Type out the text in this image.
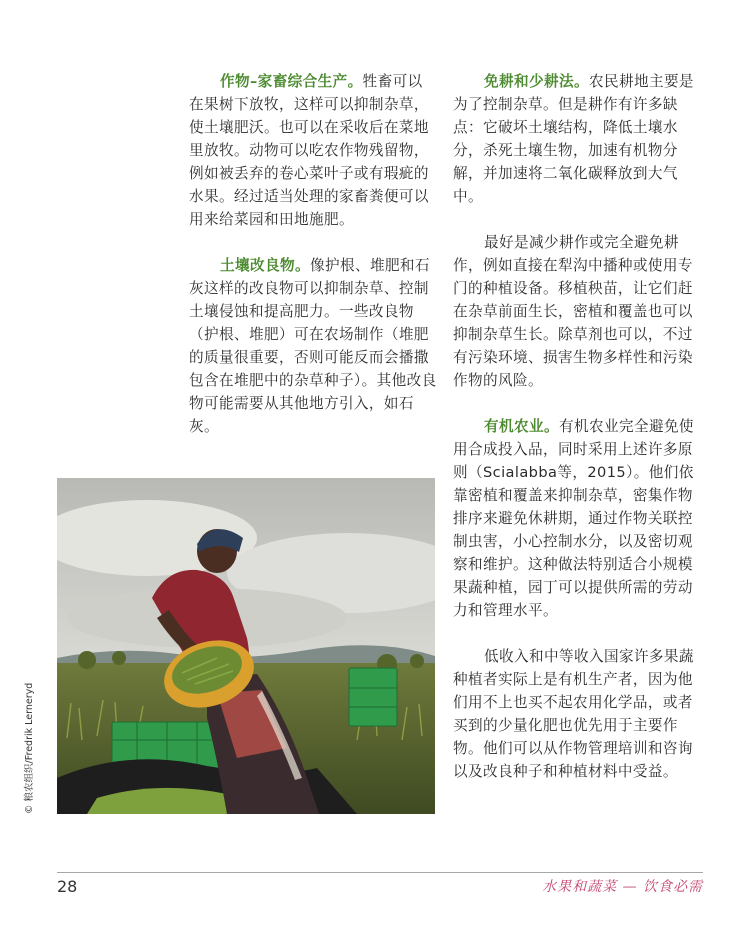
作物–家畜综合生产。牲畜可以在果树下放牧，这样可以抑制杂草，使土壤肥沃。也可以在采收后在菜地里放牧。动物可以吃农作物残留物，例如被丢弃的卷心菜叶子或有瑕疵的水果。经过适当处理的家畜粪便可以用来给菜园和田地施肥。

土壤改良物。像护根、堆肥和石灰这样的改良物可以抑制杂草、控制土壤侵蚀和提高肥力。一些改良物（护根、堆肥）可在农场制作（堆肥的质量很重要，否则可能反而会播撒包含在堆肥中的杂草种子）。其他改良物可能需要从其他地方引入，如石灰。

免耕和少耕法。农民耕地主要是为了控制杂草。但是耕作有许多缺点：它破坏土壤结构，降低土壤水分，杀死土壤生物，加速有机物分解，并加速将二氧化碳释放到大气中。

最好是减少耕作或完全避免耕作，例如直接在犁沟中播种或使用专门的种植设备。移植秧苗，让它们赶在杂草前面生长，密植和覆盖也可以抑制杂草生长。除草剂也可以，不过有污染环境、损害生物多样性和污染作物的风险。

有机农业。有机农业完全避免使用合成投入品，同时采用上述许多原则（Scialabba等，2015）。他们依靠密植和覆盖来抑制杂草，密集作物排序来避免休耕期，通过作物关联控制虫害，小心控制水分，以及密切观察和维护。这种做法特别适合小规模果蔬种植，园丁可以提供所需的劳动力和管理水平。

低收入和中等收入国家许多果蔬种植者实际上是有机生产者，因为他们用不上也买不起农用化学品，或者买到的少量化肥也优先用于主要作物。他们可以从作物管理培训和咨询以及改良种子和种植材料中受益。

© 粮农组织/Fredrik Lerneryd
28	水果和蔬菜 — 饮食必需
